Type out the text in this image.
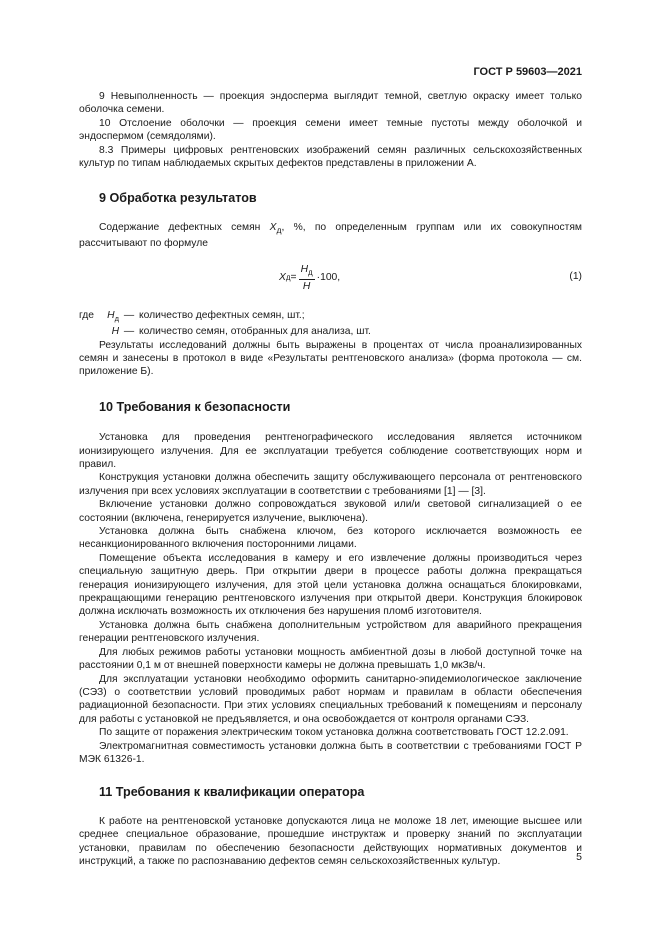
ГОСТ Р 59603—2021

9 Невыполненность — проекция эндосперма выглядит темной, светлую окраску имеет только оболочка семени.

10 Отслоение оболочки — проекция семени имеет темные пустоты между оболочкой и эндоспермом (семядолями).

8.3 Примеры цифровых рентгеновских изображений семян различных сельскохозяйственных культур по типам наблюдаемых скрытых дефектов представлены в приложении А.

9 Обработка результатов

Содержание дефектных семян $X_д$, %, по определенным группам или их совокупностям рассчитывают по формуле

X $д = \frac{H_д}{H} \cdot 100$,	(1)
где	$H_д$ — количество дефектных семян, шт.;
H — количество семян, отобранных для анализа, шт.

Результаты исследований должны быть выражены в процентах от числа проанализированных семян и занесены в протокол в виде «Результаты рентгеновского анализа» (форма протокола — см. приложение Б).

10 Требования к безопасности

Установка для проведения рентгенографического исследования является источником ионизирующего излучения. Для ее эксплуатации требуется соблюдение соответствующих норм и правил.

Конструкция установки должна обеспечить защиту обслуживающего персонала от рентгеновского излучения при всех условиях эксплуатации в соответствии с требованиями [1] — [3].

Включение установки должно сопровождаться звуковой или/и световой сигнализацией о ее состоянии (включена, генерируется излучение, выключена).

Установка должна быть снабжена ключом, без которого исключается возможность ее несанкционированного включения посторонними лицами.

Помещение объекта исследования в камеру и его извлечение должны производиться через специальную защитную дверь. При открытии двери в процессе работы должна прекращаться генерация ионизирующего излучения, для этой цели установка должна оснащаться блокировками, прекращающими генерацию рентгеновского излучения при открытой двери. Конструкция блокировок должна исключать возможность их отключения без нарушения пломб изготовителя.

Установка должна быть снабжена дополнительным устройством для аварийного прекращения генерации рентгеновского излучения.

Для любых режимов работы установки мощность амбиентной дозы в любой доступной точке на расстоянии 0,1 м от внешней поверхности камеры не должна превышать 1,0 мкЗв/ч.

Для эксплуатации установки необходимо оформить санитарно-эпидемиологическое заключение (СЭЗ) о соответствии условий проводимых работ нормам и правилам в области обеспечения радиационной безопасности. При этих условиях специальных требований к помещениям и персоналу для работы с установкой не предъявляется, и она освобождается от контроля органами СЭЗ.

По защите от поражения электрическим током установка должна соответствовать ГОСТ 12.2.091.

Электромагнитная совместимость установки должна быть в соответствии с требованиями ГОСТ Р МЭК 61326-1.

11 Требования к квалификации оператора

К работе на рентгеновской установке допускаются лица не моложе 18 лет, имеющие высшее или среднее специальное образование, прошедшие инструктаж и проверку знаний по эксплуатации установки, правилам по обеспечению безопасности действующих нормативных документов и инструкций, а также по распознаванию дефектов семян сельскохозяйственных культур.	5
